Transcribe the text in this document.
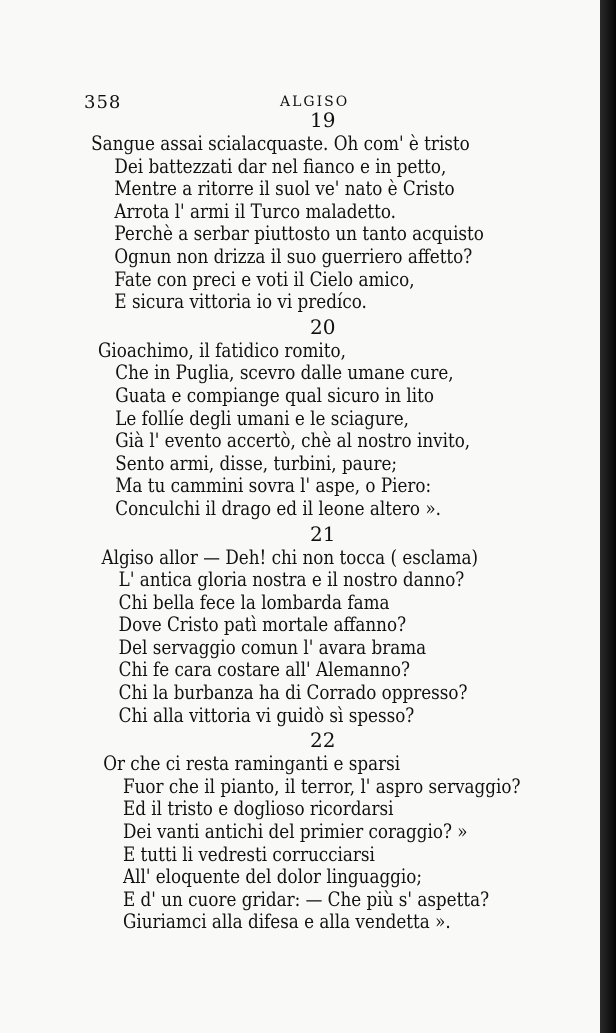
358	ALGISO
19
Sangue assai scialacquaste. Oh com' è tristo
Dei battezzati dar nel fianco e in petto,
Mentre a ritorre il suol ve' nato è Cristo
Arrota l' armi il Turco maladetto.
Perchè a serbar piuttosto un tanto acquisto
Ognun non drizza il suo guerriero affetto?
Fate con preci e voti il Cielo amico,
E sicura vittoria io vi predíco.
20
Gioachimo, il fatidico romito,
Che in Puglia, scevro dalle umane cure,
Guata e compiange qual sicuro in lito
Le follíe degli umani e le sciagure,
Già l' evento accertò, chè al nostro invito,
Sento armi, disse, turbini, paure;
Ma tu cammini sovra l' aspe, o Piero:
Conculchi il drago ed il leone altero ».
21
Algiso allor — Deh! chi non tocca ( esclama)
L' antica gloria nostra e il nostro danno?
Chi bella fece la lombarda fama
Dove Cristo patì mortale affanno?
Del servaggio comun l' avara brama
Chi fe cara costare all' Alemanno?
Chi la burbanza ha di Corrado oppresso?
Chi alla vittoria vi guidò sì spesso?
22
Or che ci resta raminganti e sparsi
Fuor che il pianto, il terror, l' aspro servaggio?
Ed il tristo e doglioso ricordarsi
Dei vanti antichi del primier coraggio? »
E tutti li vedresti corrucciarsi
All' eloquente del dolor linguaggio;
E d' un cuore gridar: — Che più s' aspetta?
Giuriamci alla difesa e alla vendetta ».
